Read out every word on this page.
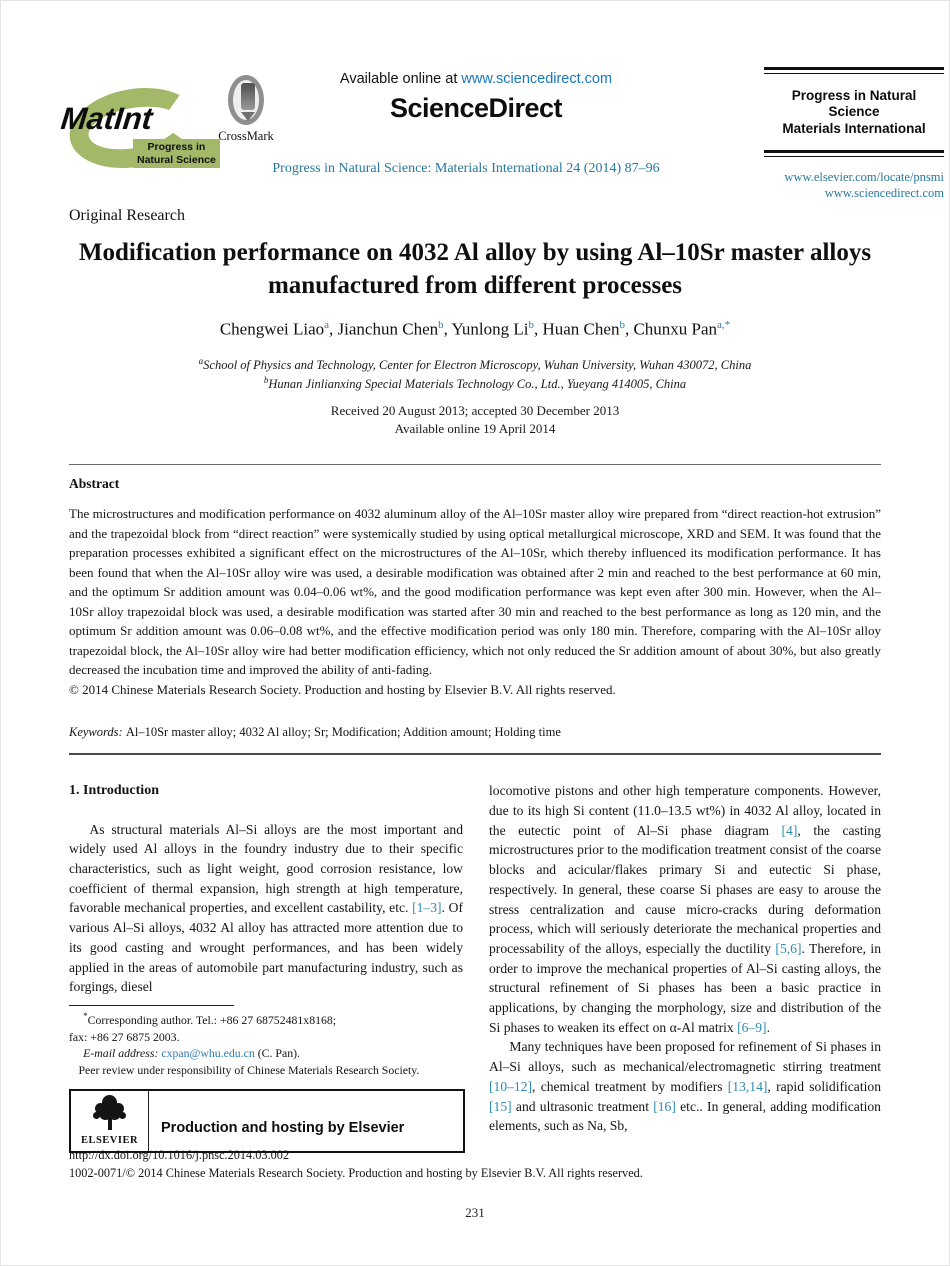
MatInt
Progress in
Natural Science
CrossMark
Available online at www.sciencedirect.com
ScienceDirect
Progress in Natural Science: Materials International 24 (2014) 87–96
Progress in Natural
Science
Materials International
www.elsevier.com/locate/pnsmi
www.sciencedirect.com
Original Research
Modification performance on 4032 Al alloy by using Al–10Sr master alloys
manufactured from different processes
Chengwei Liao$^a$, Jianchun Chen$^b$, Yunlong Li$^b$, Huan Chen$^b$, Chunxu Pan$^{a,*}$
$^a$School of Physics and Technology, Center for Electron Microscopy, Wuhan University, Wuhan 430072, China
$^b$Hunan Jinlianxing Special Materials Technology Co., Ltd., Yueyang 414005, China
Received 20 August 2013; accepted 30 December 2013
Available online 19 April 2014
Abstract
The microstructures and modification performance on 4032 aluminum alloy of the Al–10Sr master alloy wire prepared from “direct reaction-hot extrusion” and the trapezoidal block from “direct reaction” were systemically studied by using optical metallurgical microscope, XRD and SEM. It was found that the preparation processes exhibited a significant effect on the microstructures of the Al–10Sr, which thereby influenced its modification performance. It has been found that when the Al–10Sr alloy wire was used, a desirable modification was obtained after 2 min and reached to the best performance at 60 min, and the optimum Sr addition amount was 0.04–0.06 wt%, and the good modification performance was kept even after 300 min. However, when the Al–10Sr alloy trapezoidal block was used, a desirable modification was started after 30 min and reached to the best performance as long as 120 min, and the optimum Sr addition amount was 0.06–0.08 wt%, and the effective modification period was only 180 min. Therefore, comparing with the Al–10Sr alloy trapezoidal block, the Al–10Sr alloy wire had better modification efficiency, which not only reduced the Sr addition amount of about 30%, but also greatly decreased the incubation time and improved the ability of anti-fading.
© 2014 Chinese Materials Research Society. Production and hosting by Elsevier B.V. All rights reserved.
Keywords: Al–10Sr master alloy; 4032 Al alloy; Sr; Modification; Addition amount; Holding time
1. Introduction

As structural materials Al–Si alloys are the most important and widely used Al alloys in the foundry industry due to their specific characteristics, such as light weight, good corrosion resistance, low coefficient of thermal expansion, high strength at high temperature, favorable mechanical properties, and excellent castability, etc. [1–3]. Of various Al–Si alloys, 4032 Al alloy has attracted more attention due to its good casting and wrought performances, and has been widely applied in the areas of automobile part manufacturing industry, such as forgings, diesel

*Corresponding author. Tel.: +86 27 68752481x8168;
fax: +86 27 6875 2003.
E-mail address: cxpan@whu.edu.cn (C. Pan).
Peer review under responsibility of Chinese Materials Research Society.
ELSEVIER
Production and hosting by Elsevier

locomotive pistons and other high temperature components. However, due to its high Si content (11.0–13.5 wt%) in 4032 Al alloy, located in the eutectic point of Al–Si phase diagram [4], the casting microstructures prior to the modification treatment consist of the coarse blocks and acicular/flakes primary Si and eutectic Si phase, respectively. In general, these coarse Si phases are easy to arouse the stress centralization and cause micro-cracks during deformation process, which will seriously deteriorate the mechanical properties and processability of the alloys, especially the ductility [5,6]. Therefore, in order to improve the mechanical properties of Al–Si casting alloys, the structural refinement of Si phases has been a basic practice in applications, by changing the morphology, size and distribution of the Si phases to weaken its effect on α-Al matrix [6–9].

Many techniques have been proposed for refinement of Si phases in Al–Si alloys, such as mechanical/electromagnetic stirring treatment [10–12], chemical treatment by modifiers [13,14], rapid solidification [15] and ultrasonic treatment [16] etc.. In general, adding modification elements, such as Na, Sb,

http://dx.doi.org/10.1016/j.pnsc.2014.03.002
1002-0071/© 2014 Chinese Materials Research Society. Production and hosting by Elsevier B.V. All rights reserved.
231
